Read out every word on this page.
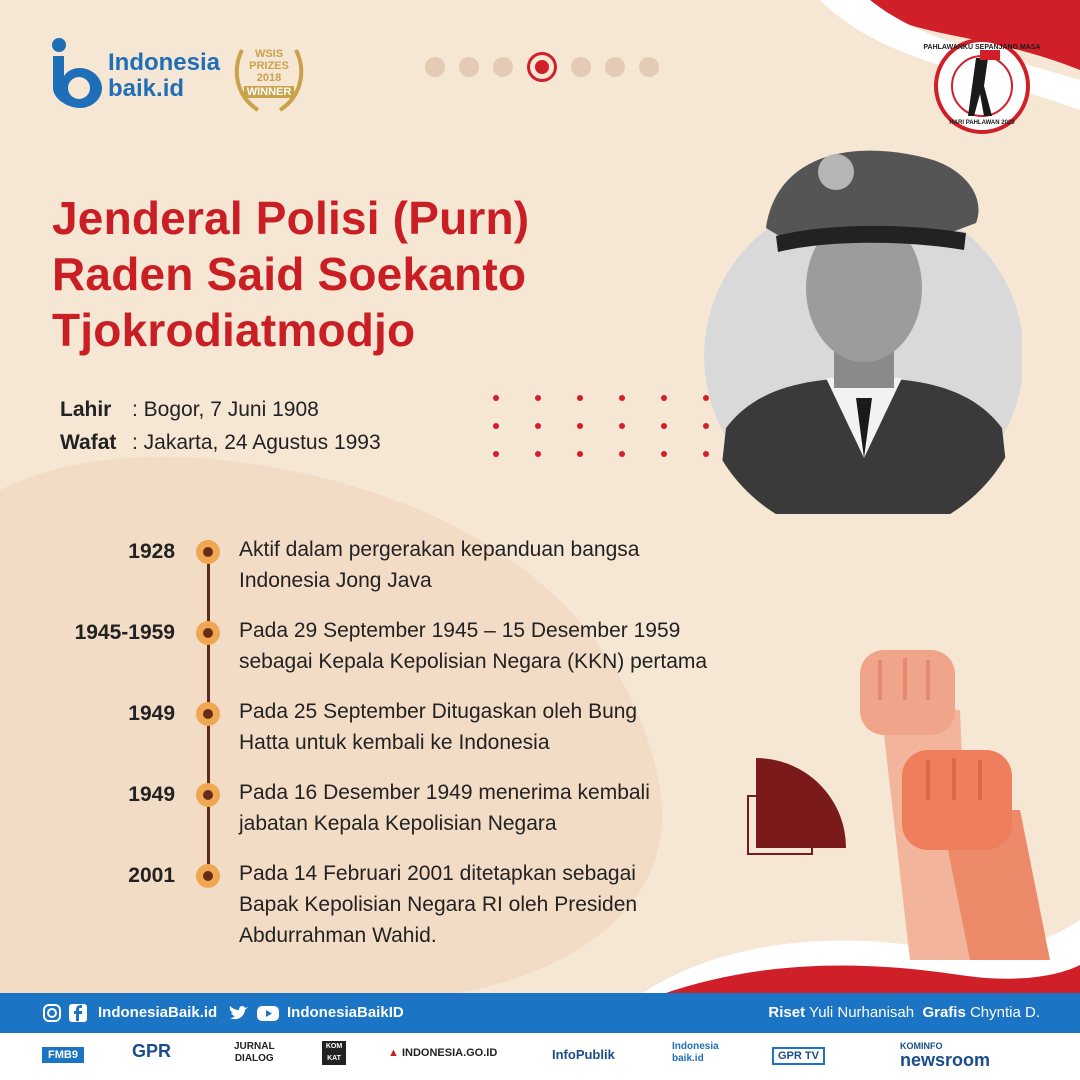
Indonesia
baik.id
WSIS
PRIZES
2018
WINNER
PAHLAWANKU SEPANJANG MASA
HARI PAHLAWAN 2020
Jenderal Polisi (Purn)
Raden Said Soekanto
Tjokrodiatmodjo
Lahir : Bogor, 7 Juni 1908
Wafat : Jakarta, 24 Agustus 1993
1928	Aktif dalam pergerakan kepanduan bangsa
Indonesia Jong Java
1945-1959	Pada 29 September 1945 – 15 Desember 1959
sebagai Kepala Kepolisian Negara (KKN) pertama
1949	Pada 25 September Ditugaskan oleh Bung
Hatta untuk kembali ke Indonesia
1949	Pada 16 Desember 1949 menerima kembali
jabatan Kepala Kepolisian Negara
2001	Pada 14 Februari 2001 ditetapkan sebagai
Bapak Kepolisian Negara RI oleh Presiden
Abdurrahman Wahid.
IndonesiaBaik.id	IndonesiaBaikID	Riset Yuli Nurhanisah Grafis Chyntia D.
FMB9	GPR	JURNAL
DIALOG
KOM KAT	▲ INDONESIA.GO.ID	InfoPublik
Indonesia
baik.id	GPR TV
KOMINFO
newsroom
